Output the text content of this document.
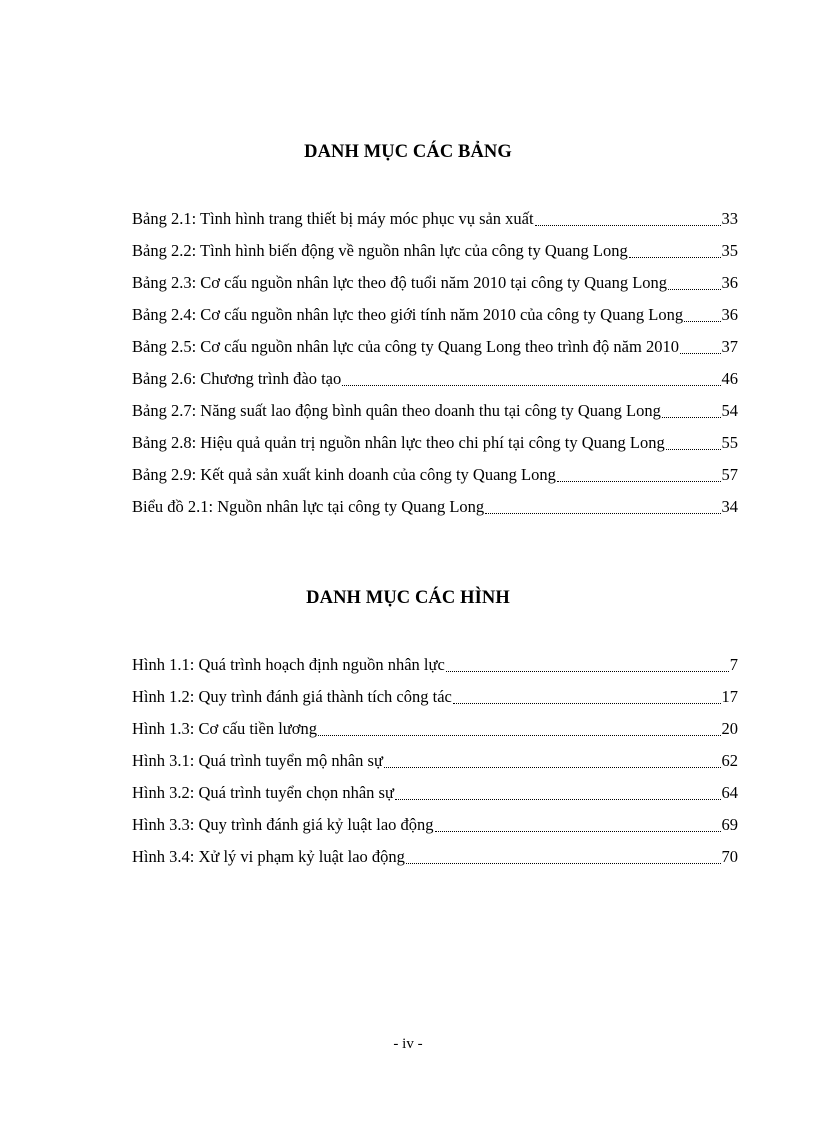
DANH MỤC CÁC BẢNG
Bảng 2.1: Tình hình trang thiết bị máy móc phục vụ sản xuất	33
Bảng 2.2: Tình hình biến động về nguồn nhân lực của công ty Quang Long	35
Bảng 2.3: Cơ cấu nguồn nhân lực theo độ tuổi năm 2010 tại công ty Quang Long	36
Bảng 2.4: Cơ cấu nguồn nhân lực theo giới tính năm 2010 của công ty Quang Long 36
Bảng 2.5: Cơ cấu nguồn nhân lực của công ty Quang Long theo trình độ năm 2010	37
Bảng 2.6: Chương trình đào tạo	46
Bảng 2.7: Năng suất lao động bình quân theo doanh thu tại công ty Quang Long	54
Bảng 2.8: Hiệu quả quản trị nguồn nhân lực theo chi phí tại công ty Quang Long	55
Bảng 2.9: Kết quả sản xuất kinh doanh của công ty Quang Long	57
Biểu đồ 2.1: Nguồn nhân lực tại công ty Quang Long	34
DANH MỤC CÁC HÌNH
Hình 1.1: Quá trình hoạch định nguồn nhân lực	7
Hình 1.2: Quy trình đánh giá thành tích công tác	17
Hình 1.3: Cơ cấu tiền lương	20
Hình 3.1: Quá trình tuyển mộ nhân sự	62
Hình 3.2: Quá trình tuyển chọn nhân sự	64
Hình 3.3: Quy trình đánh giá kỷ luật lao động	69
Hình 3.4: Xử lý vi phạm kỷ luật lao động	70
- iv -
